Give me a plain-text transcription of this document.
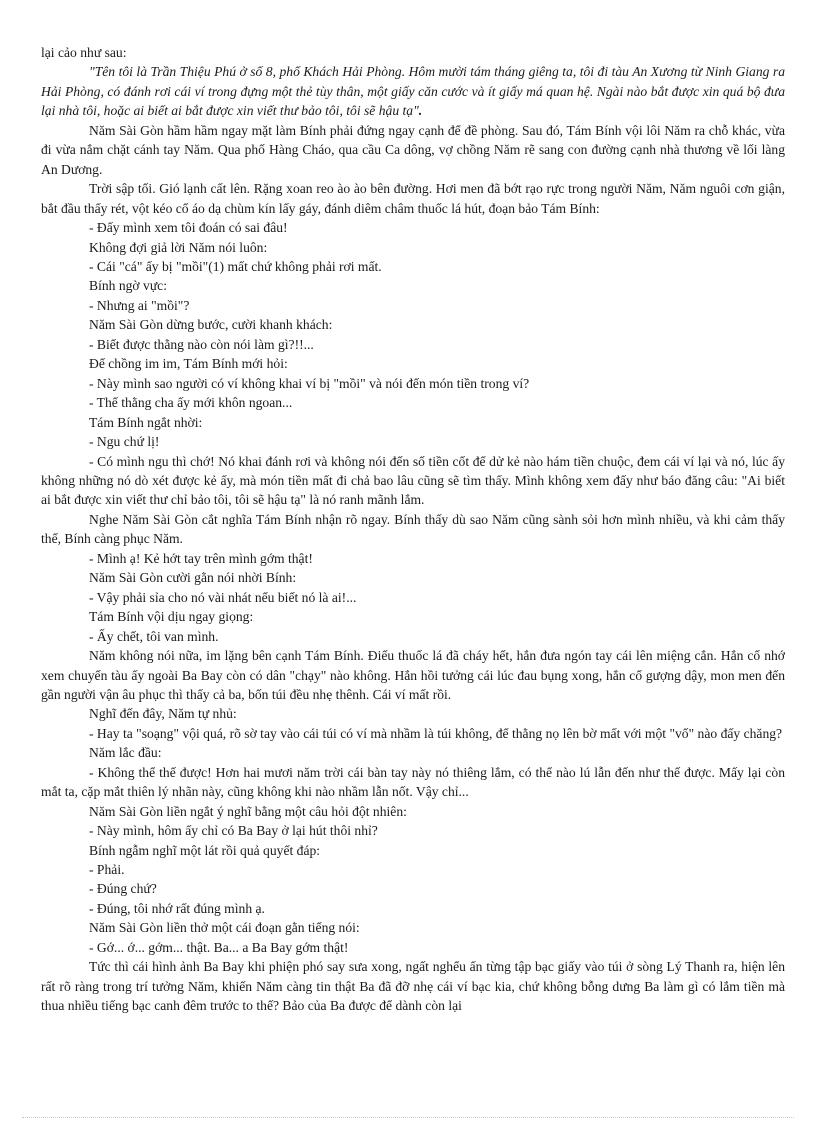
lại cảo như sau:

"Tên tôi là Trần Thiệu Phú ở số 8, phố Khách Hải Phòng. Hôm mười tám tháng giêng ta, tôi đi tàu An Xương từ Ninh Giang ra Hải Phòng, có đánh rơi cái ví trong đựng một thẻ tùy thân, một giấy căn cước và ít giấy má quan hệ. Ngài nào bắt được xin quá bộ đưa lại nhà tôi, hoặc ai biết ai bắt được xin viết thư bảo tôi, tôi sẽ hậu tạ".

Năm Sài Gòn hầm hầm ngay mặt làm Bính phải đứng ngay cạnh để đề phòng. Sau đó, Tám Bính vội lôi Năm ra chỗ khác, vừa đi vừa nắm chặt cánh tay Năm. Qua phố Hàng Cháo, qua cầu Ca dông, vợ chồng Năm rẽ sang con đường cạnh nhà thương về lối làng An Dương.

Trời sập tối. Gió lạnh cất lên. Rặng xoan reo ào ào bên đường. Hơi men đã bớt rạo rực trong người Năm, Năm nguôi cơn giận, bắt đầu thấy rét, vột kéo cổ áo dạ chùm kín lấy gáy, đánh diêm châm thuốc lá hút, đoạn bảo Tám Bính:

- Đấy mình xem tôi đoán có sai đâu!

Không đợi giả lời Năm nói luôn:

- Cái "cá" ấy bị "mồi"(1) mất chứ không phải rơi mất.

Bính ngờ vực:

- Nhưng ai "mồi"?

Năm Sài Gòn dừng bước, cười khanh khách:

- Biết được thằng nào còn nói làm gì?!!...

Để chồng im im, Tám Bính mới hỏi:

- Này mình sao người có ví không khai ví bị "mồi" và nói đến món tiền trong ví?

- Thế thằng cha ấy mới khôn ngoan...

Tám Bính ngắt nhời:

- Ngu chứ lị!

- Có mình ngu thì chớ! Nó khai đánh rơi và không nói đến số tiền cốt để dử kẻ nào hám tiền chuộc, đem cái ví lại và nó, lúc ấy không những nó dò xét được kẻ ấy, mà món tiền mất đi chả bao lâu cũng sẽ tìm thấy. Mình không xem đấy như báo đăng câu: "Ai biết ai bắt được xin viết thư chỉ bảo tôi, tôi sẽ hậu tạ" là nó ranh mãnh lắm.

Nghe Năm Sài Gòn cắt nghĩa Tám Bính nhận rõ ngay. Bính thấy dù sao Năm cũng sành sỏi hơn mình nhiều, và khi cảm thấy thế, Bính càng phục Năm.

- Mình ạ! Kẻ hớt tay trên mình gớm thật!

Năm Sài Gòn cười gằn nói nhời Bính:

- Vậy phải sỉa cho nó vài nhát nếu biết nó là ai!...

Tám Bính vội dịu ngay giọng:

- Ấy chết, tôi van mình.

Năm không nói nữa, im lặng bên cạnh Tám Bính. Điếu thuốc lá đã cháy hết, hắn đưa ngón tay cái lên miệng cắn. Hắn cố nhớ xem chuyến tàu ấy ngoài Ba Bay còn có dân "chạy" nào không. Hắn hồi tưởng cái lúc đau bụng xong, hắn cố gượng dậy, mon men đến gần người vận âu phục thì thấy cả ba, bốn túi đều nhẹ thênh. Cái ví mất rồi.

Nghĩ đến đây, Năm tự nhủ:

- Hay ta "soạng" vội quá, rõ sờ tay vào cái túi có ví mà nhầm là túi không, để thằng nọ lên bờ mất với một "vố" nào đấy chăng?

Năm lắc đầu:

- Không thể thế được! Hơn hai mươi năm trời cái bàn tay này nó thiêng lắm, có thể nào lú lẫn đến như thế được. Mấy lại còn mắt ta, cặp mắt thiên lý nhãn này, cũng không khi nào nhầm lẫn nốt. Vậy chỉ...

Năm Sài Gòn liền ngắt ý nghĩ bằng một câu hỏi đột nhiên:

- Này mình, hôm ấy chỉ có Ba Bay ở lại hút thôi nhỉ?

Bính ngẫm nghĩ một lát rồi quả quyết đáp:

- Phải.

- Đúng chứ?

- Đúng, tôi nhớ rất đúng mình ạ.

Năm Sài Gòn liền thở một cái đoạn gằn tiếng nói:

- Gớ... ớ... gớm... thật. Ba... a Ba Bay gớm thật!

Tức thì cái hình ảnh Ba Bay khi phiện phó say sưa xong, ngất nghểu ấn từng tập bạc giấy vào túi ở sòng Lý Thanh ra, hiện lên rất rõ ràng trong trí tưởng Năm, khiến Năm càng tin thật Ba đã đỡ nhẹ cái ví bạc kia, chứ không bỗng dưng Ba làm gì có lắm tiền mà thua nhiều tiếng bạc canh đêm trước to thế? Bảo của Ba được để dành còn lại
